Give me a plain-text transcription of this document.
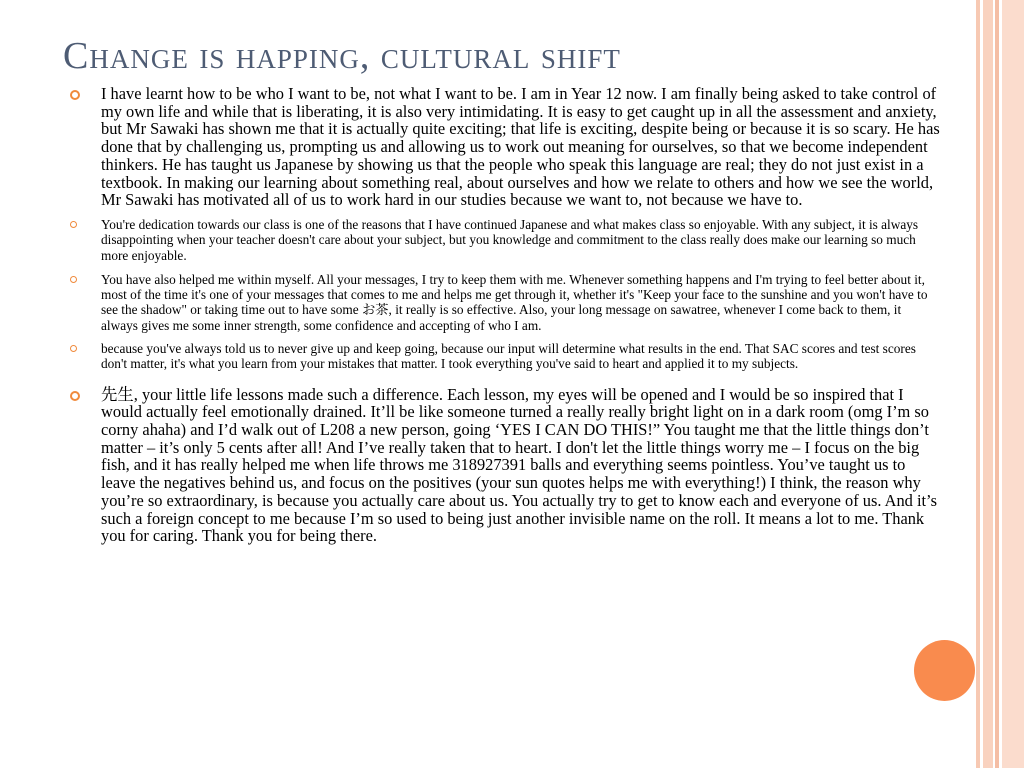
Change is happing, cultural shift
I have learnt how to be who I want to be, not what I want to be. I am in Year 12 now. I am finally being asked to take control of my own life and while that is liberating, it is also very intimidating. It is easy to get caught up in all the assessment and anxiety, but Mr Sawaki has shown me that it is actually quite exciting; that life is exciting, despite being or because it is so scary. He has done that by challenging us, prompting us and allowing us to work out meaning for ourselves, so that we become independent thinkers. He has taught us Japanese by showing us that the people who speak this language are real; they do not just exist in a textbook. In making our learning about something real, about ourselves and how we relate to others and how we see the world, Mr Sawaki has motivated all of us to work hard in our studies because we want to, not because we have to.
You're dedication towards our class is one of the reasons that I have continued Japanese and what makes class so enjoyable. With any subject, it is always disappointing when your teacher doesn't care about your subject, but you knowledge and commitment to the class really does make our learning so much more enjoyable.
You have also helped me within myself. All your messages, I try to keep them with me. Whenever something happens and I'm trying to feel better about it, most of the time it's one of your messages that comes to me and helps me get through it, whether it's "Keep your face to the sunshine and you won't have to see the shadow" or taking time out to have some お茶, it really is so effective. Also, your long message on sawatree, whenever I come back to them, it always gives me some inner strength, some confidence and accepting of who I am.
because you've always told us to never give up and keep going, because our input will determine what results in the end. That SAC scores and test scores don't matter, it's what you learn from your mistakes that matter. I took everything you've said to heart and applied it to my subjects.
先生, your little life lessons made such a difference. Each lesson, my eyes will be opened and I would be so inspired that I would actually feel emotionally drained. It’ll be like someone turned a really really bright light on in a dark room (omg I’m so corny ahaha) and I’d walk out of L208 a new person, going ‘YES I CAN DO THIS!” You taught me that the little things don’t matter – it’s only 5 cents after all! And I’ve really taken that to heart. I don't let the little things worry me – I focus on the big fish, and it has really helped me when life throws me 318927391 balls and everything seems pointless. You’ve taught us to leave the negatives behind us, and focus on the positives (your sun quotes helps me with everything!) I think, the reason why you’re so extraordinary, is because you actually care about us. You actually try to get to know each and everyone of us. And it’s such a foreign concept to me because I’m so used to being just another invisible name on the roll. It means a lot to me. Thank you for caring. Thank you for being there.
